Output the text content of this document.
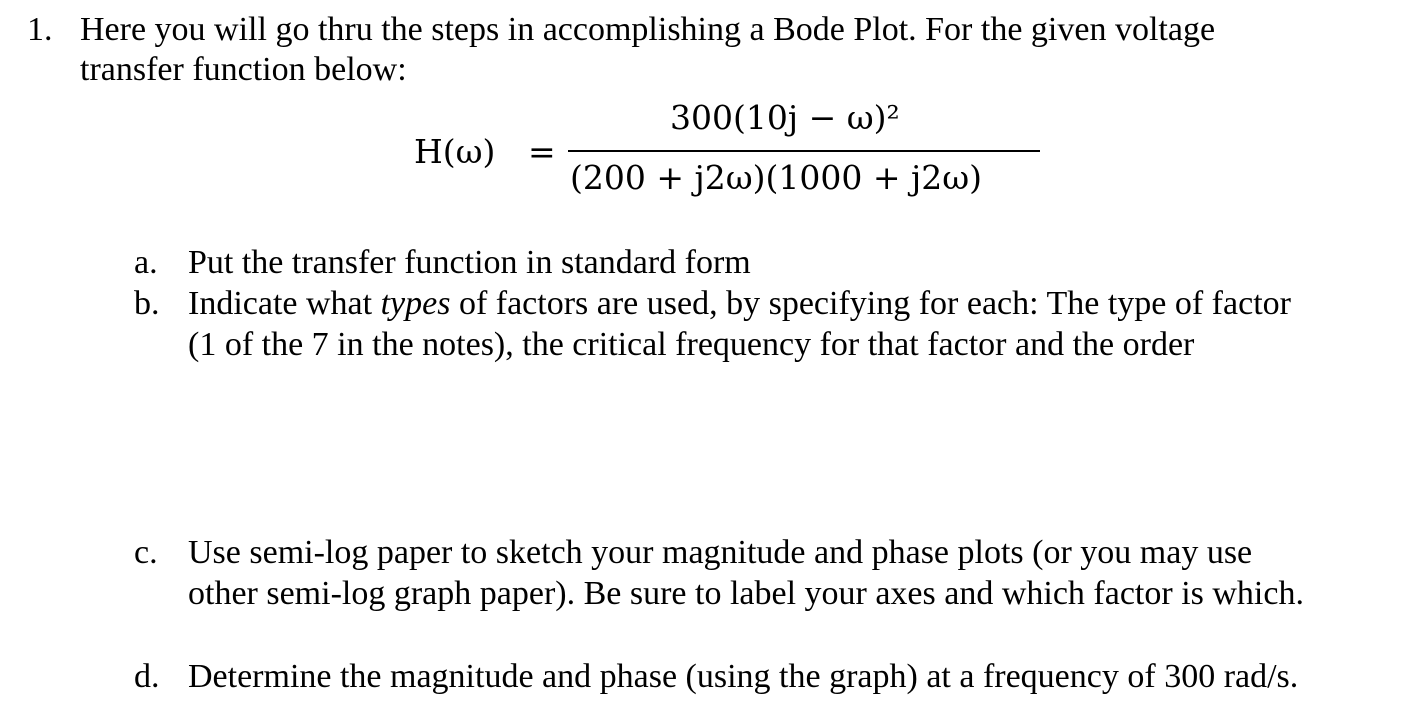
1. Here you will go thru the steps in accomplishing a Bode Plot. For the given voltage
transfer function below:
H(ω) =
300(10j − ω)²
(200 + j2ω)(1000 + j2ω)
a. Put the transfer function in standard form
b. Indicate what types of factors are used, by specifying for each: The type of factor
(1 of the 7 in the notes), the critical frequency for that factor and the order
c. Use semi-log paper to sketch your magnitude and phase plots (or you may use
other semi-log graph paper). Be sure to label your axes and which factor is which.
d. Determine the magnitude and phase (using the graph) at a frequency of 300 rad/s.
